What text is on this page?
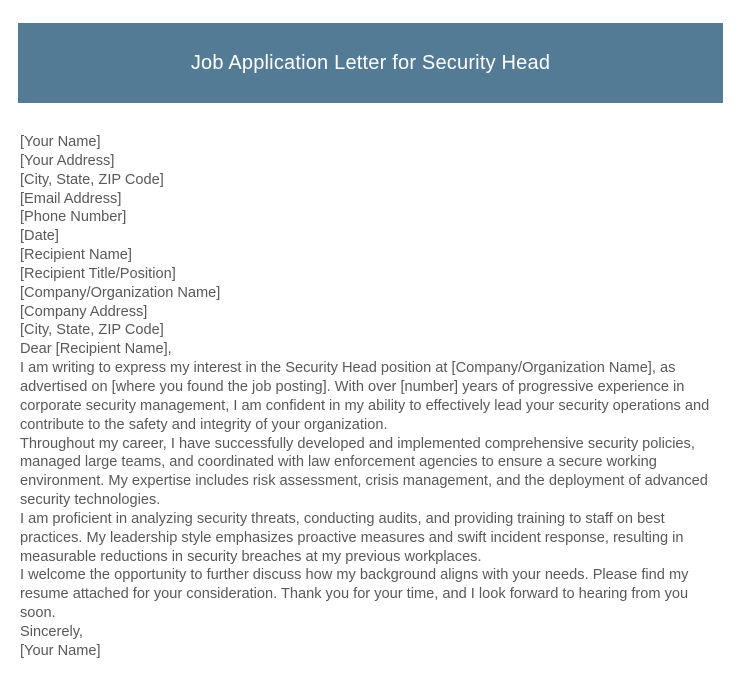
Job Application Letter for Security Head

[Your Name]

[Your Address]

[City, State, ZIP Code]

[Email Address]

[Phone Number]

[Date]

[Recipient Name]

[Recipient Title/Position]

[Company/Organization Name]

[Company Address]

[City, State, ZIP Code]

Dear [Recipient Name],

I am writing to express my interest in the Security Head position at [Company/Organization Name], as advertised on [where you found the job posting]. With over [number] years of progressive experience in corporate security management, I am confident in my ability to effectively lead your security operations and contribute to the safety and integrity of your organization.

Throughout my career, I have successfully developed and implemented comprehensive security policies, managed large teams, and coordinated with law enforcement agencies to ensure a secure working environment. My expertise includes risk assessment, crisis management, and the deployment of advanced security technologies.

I am proficient in analyzing security threats, conducting audits, and providing training to staff on best practices. My leadership style emphasizes proactive measures and swift incident response, resulting in measurable reductions in security breaches at my previous workplaces.

I welcome the opportunity to further discuss how my background aligns with your needs. Please find my resume attached for your consideration. Thank you for your time, and I look forward to hearing from you soon.

Sincerely,

[Your Name]
